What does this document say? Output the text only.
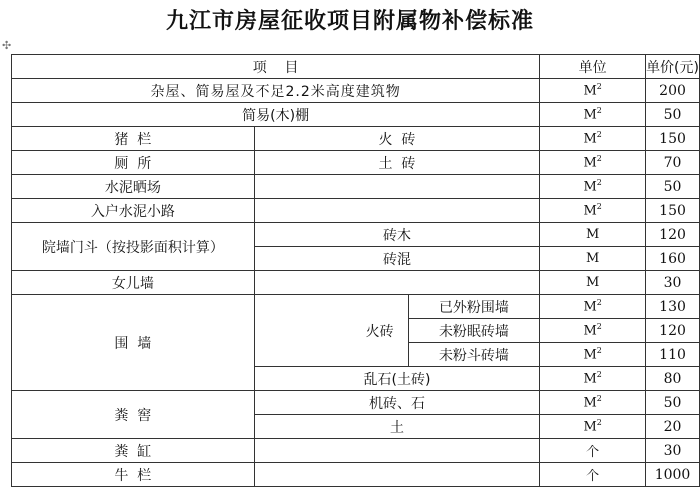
九江市房屋征收项目附属物补偿标准
✣
项    目			单位	单价(元)
杂屋、简易屋及不足2.2米高度建筑物			$M^2$	200
简易(木)棚			$M^2$	50
猪  栏	火  砖		$M^2$	150
厕  所	土  砖		$M^2$	70
水泥晒场			$M^2$	50
入户水泥小路			$M^2$	150
院墙门斗（按投影面积计算）	砖木		M	120
	砖混		M	160
女儿墙			M	30
围  墙	火砖	已外粉围墙	$M^2$	130
		未粉眠砖墙	$M^2$	120
		未粉斗砖墙	$M^2$	110
	乱石(土砖)		$M^2$	80
粪  窖	机砖、石		$M^2$	50
	土		$M^2$	20
粪  缸			个	30
牛  栏			个	1000
